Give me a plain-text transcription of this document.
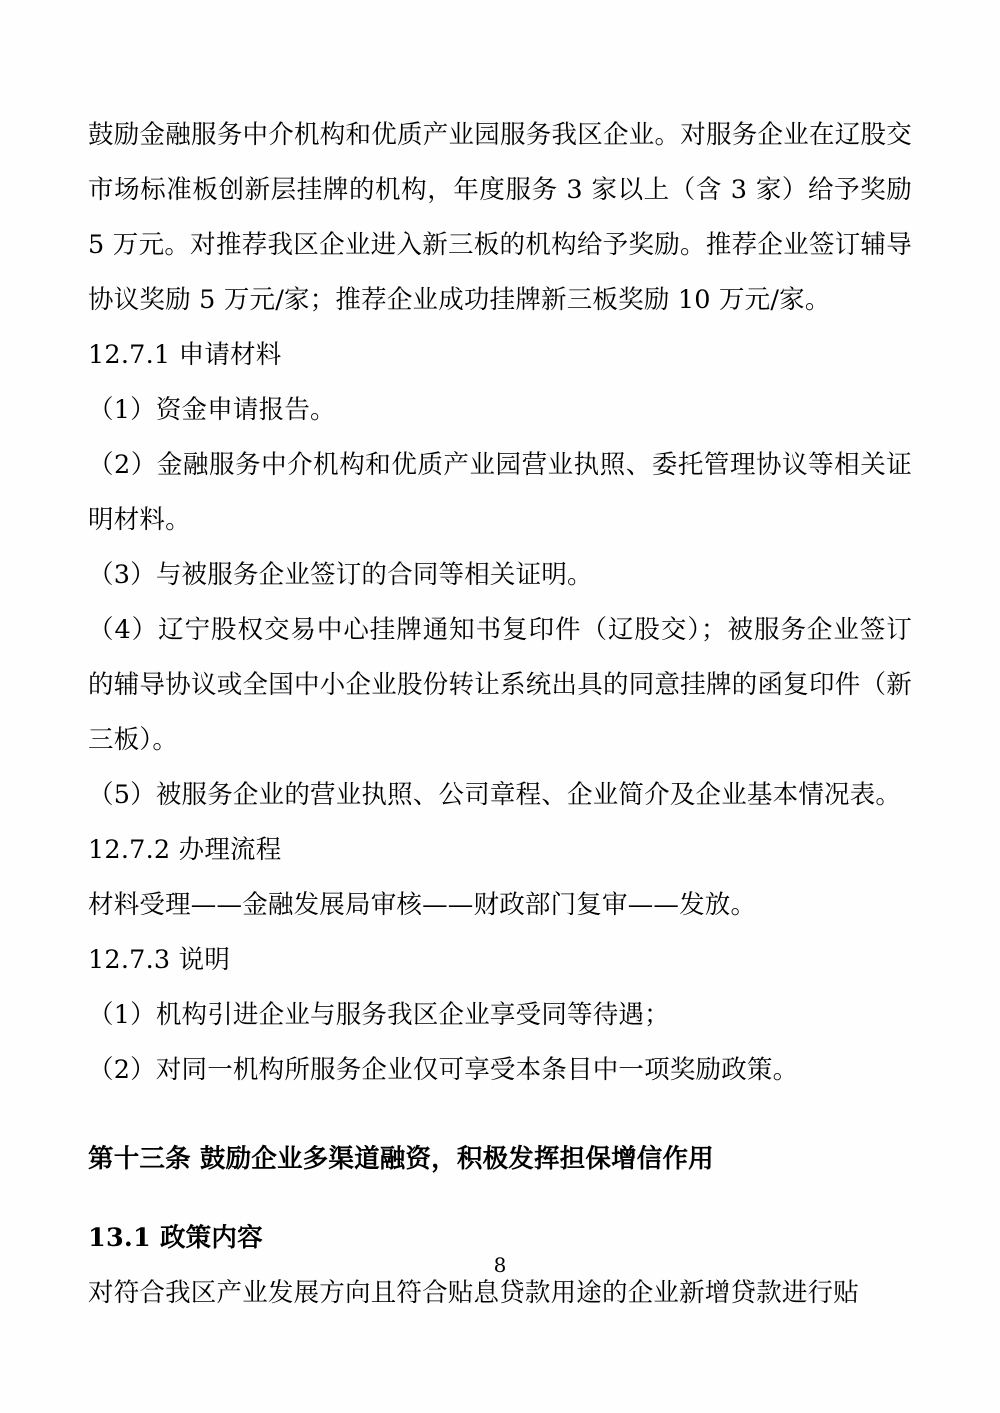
鼓励金融服务中介机构和优质产业园服务我区企业。对服务企业在辽股交市场标准板创新层挂牌的机构，年度服务 3 家以上（含 3 家）给予奖励 5 万元。对推荐我区企业进入新三板的机构给予奖励。推荐企业签订辅导协议奖励 5 万元/家；推荐企业成功挂牌新三板奖励 10 万元/家。

12.7.1 申请材料

（1）资金申请报告。

（2）金融服务中介机构和优质产业园营业执照、委托管理协议等相关证明材料。

（3）与被服务企业签订的合同等相关证明。

（4）辽宁股权交易中心挂牌通知书复印件（辽股交）；被服务企业签订的辅导协议或全国中小企业股份转让系统出具的同意挂牌的函复印件（新三板）。

（5）被服务企业的营业执照、公司章程、企业简介及企业基本情况表。

12.7.2 办理流程

材料受理——金融发展局审核——财政部门复审——发放。

12.7.3 说明

（1）机构引进企业与服务我区企业享受同等待遇；

（2）对同一机构所服务企业仅可享受本条目中一项奖励政策。

第十三条 鼓励企业多渠道融资，积极发挥担保增信作用

13.1 政策内容

对符合我区产业发展方向且符合贴息贷款用途的企业新增贷款进行贴

8
